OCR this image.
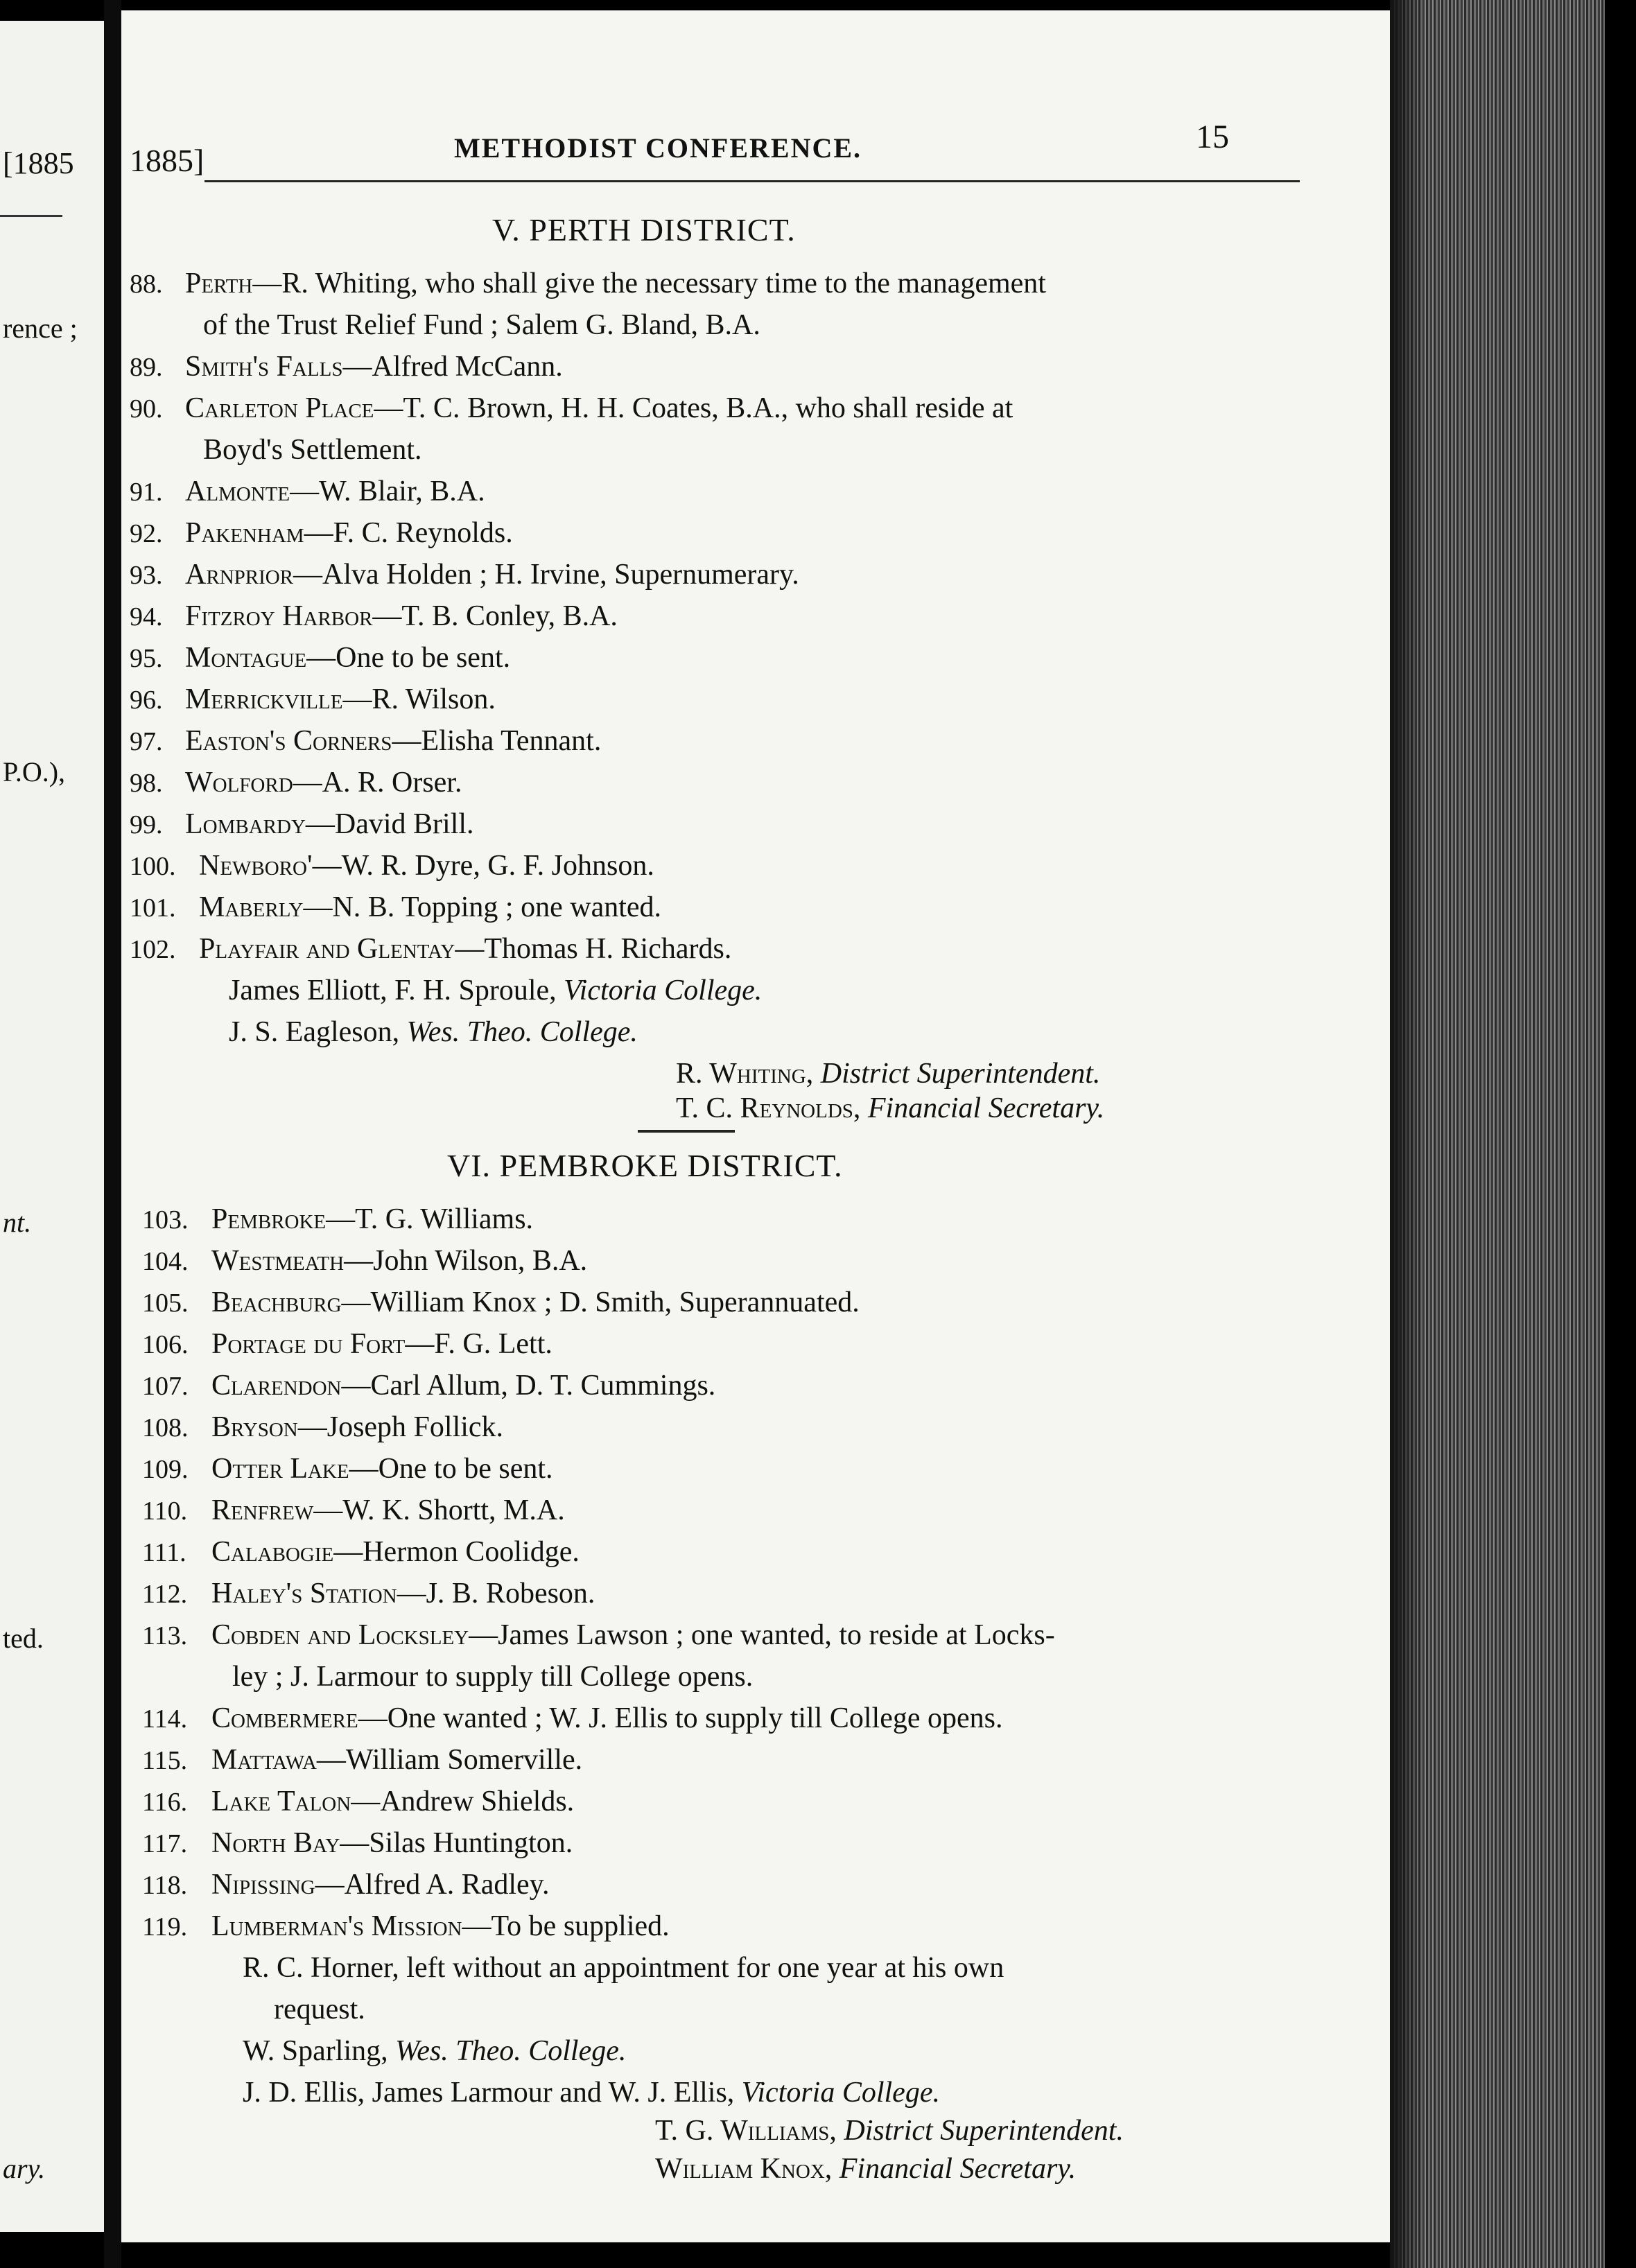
[1885
rence ;
P.O.),
nt.
ted.
ary.
1885]	METHODIST CONFERENCE.	15
V. PERTH DISTRICT.
88. Perth—R. Whiting, who shall give the necessary time to the management
of the Trust Relief Fund ; Salem G. Bland, B.A.
89. Smith's Falls—Alfred McCann.
90. Carleton Place—T. C. Brown, H. H. Coates, B.A., who shall reside at
Boyd's Settlement.
91. Almonte—W. Blair, B.A.
92. Pakenham—F. C. Reynolds.
93. Arnprior—Alva Holden ; H. Irvine, Supernumerary.
94. Fitzroy Harbor—T. B. Conley, B.A.
95. Montague—One to be sent.
96. Merrickville—R. Wilson.
97. Easton's Corners—Elisha Tennant.
98. Wolford—A. R. Orser.
99. Lombardy—David Brill.
100. Newboro'—W. R. Dyre, G. F. Johnson.
101. Maberly—N. B. Topping ; one wanted.
102. Playfair and Glentay—Thomas H. Richards.
James Elliott, F. H. Sproule, Victoria College.
J. S. Eagleson, Wes. Theo. College.
R. Whiting, District Superintendent.
T. C. Reynolds, Financial Secretary.
VI. PEMBROKE DISTRICT.
103. Pembroke—T. G. Williams.
104. Westmeath—John Wilson, B.A.
105. Beachburg—William Knox ; D. Smith, Superannuated.
106. Portage du Fort—F. G. Lett.
107. Clarendon—Carl Allum, D. T. Cummings.
108. Bryson—Joseph Follick.
109. Otter Lake—One to be sent.
110. Renfrew—W. K. Shortt, M.A.
111. Calabogie—Hermon Coolidge.
112. Haley's Station—J. B. Robeson.
113. Cobden and Locksley—James Lawson ; one wanted, to reside at Locks-
ley ; J. Larmour to supply till College opens.
114. Combermere—One wanted ; W. J. Ellis to supply till College opens.
115. Mattawa—William Somerville.
116. Lake Talon—Andrew Shields.
117. North Bay—Silas Huntington.
118. Nipissing—Alfred A. Radley.
119. Lumberman's Mission—To be supplied.
R. C. Horner, left without an appointment for one year at his own
request.
W. Sparling, Wes. Theo. College.
J. D. Ellis, James Larmour and W. J. Ellis, Victoria College.
T. G. Williams, District Superintendent.
William Knox, Financial Secretary.
